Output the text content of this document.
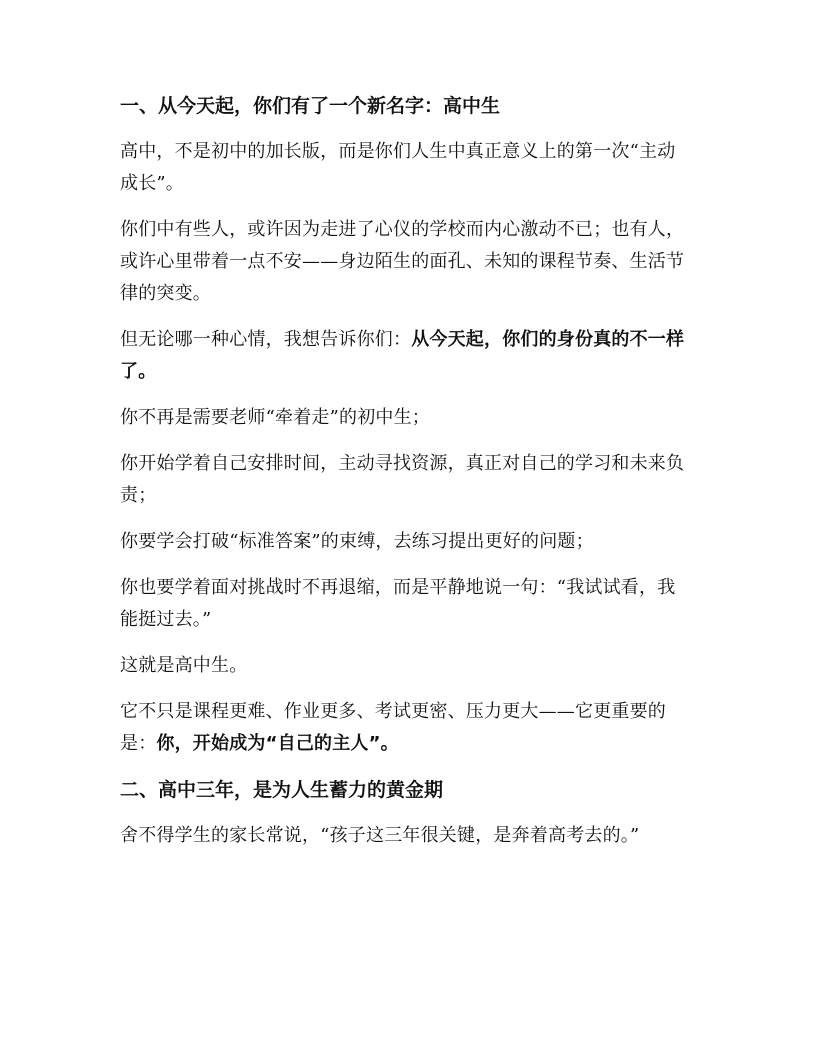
一、从今天起，你们有了一个新名字：高中生

高中，不是初中的加长版，而是你们人生中真正意义上的第一次“主动成长”。

你们中有些人，或许因为走进了心仪的学校而内心激动不已；也有人，或许心里带着一点不安——身边陌生的面孔、未知的课程节奏、生活节律的突变。

但无论哪一种心情，我想告诉你们：从今天起，你们的身份真的不一样了。

你不再是需要老师“牵着走”的初中生；

你开始学着自己安排时间，主动寻找资源，真正对自己的学习和未来负责；

你要学会打破“标准答案”的束缚，去练习提出更好的问题；

你也要学着面对挑战时不再退缩，而是平静地说一句：“我试试看，我能挺过去。”

这就是高中生。

它不只是课程更难、作业更多、考试更密、压力更大——它更重要的是：你，开始成为“自己的主人”。

二、高中三年，是为人生蓄力的黄金期

舍不得学生的家长常说，“孩子这三年很关键，是奔着高考去的。”
